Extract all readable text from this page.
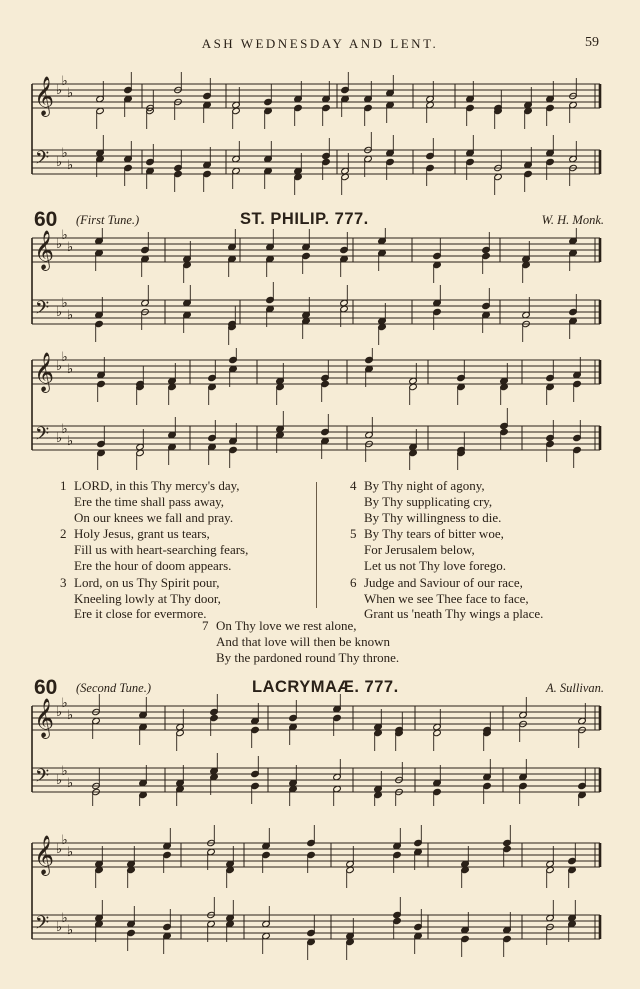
ASH WEDNESDAY AND LENT.	59
𝄞
𝄢
♭
♭
♭
♭
♭
♭
60 (First Tune.)	ST. PHILIP. 777.	W. H. Monk.
𝄞
𝄢
♭
♭
♭
♭
♭
♭
𝄞
𝄢
♭
♭
♭
♭
♭
♭
1 LORD, in this Thy mercy's day,
Ere the time shall pass away,
On our knees we fall and pray.
2 Holy Jesus, grant us tears,
Fill us with heart-searching fears,
Ere the hour of doom appears.
3 Lord, on us Thy Spirit pour,
Kneeling lowly at Thy door,
Ere it close for evermore.
4 By Thy night of agony,
By Thy supplicating cry,
By Thy willingness to die.
5 By Thy tears of bitter woe,
For Jerusalem below,
Let us not Thy love forego.
6 Judge and Saviour of our race,
When we see Thee face to face,
Grant us 'neath Thy wings a place.
7 On Thy love we rest alone,
And that love will then be known
By the pardoned round Thy throne.
60 (Second Tune.)	LACRYMAÆ. 777.	A. Sullivan.
𝄞
𝄢
♭
♭
♭
♭
♭
♭
𝄞
𝄢
♭
♭
♭
♭
♭
♭
